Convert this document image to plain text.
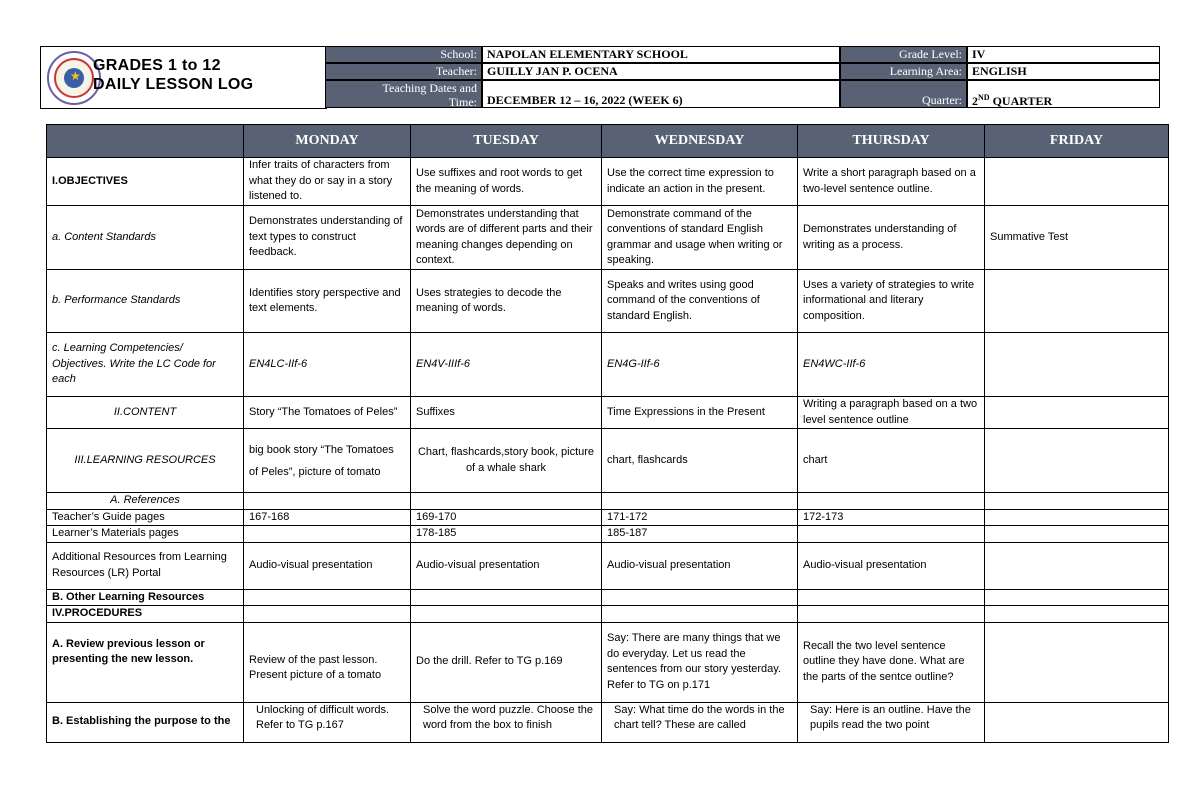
★
GRADES 1 to 12
DAILY LESSON LOG
School: NAPOLAN ELEMENTARY SCHOOL
Teacher: GUILLY JAN P. OCENA
Teaching Dates and
Time: DECEMBER 12 – 16, 2022 (WEEK 6)
Grade Level: IV
Learning Area: ENGLISH
Quarter: 2ND QUARTER
	MONDAY	TUESDAY	WEDNESDAY	THURSDAY	FRIDAY
I.OBJECTIVES	Infer traits of characters from what they do or say in a story listened to.	Use suffixes and root words to get the meaning of words.	Use the correct time expression to indicate an action in the present.	Write a short paragraph based on a two-level sentence outline.	
a. Content Standards	Demonstrates understanding of text types to construct feedback.	Demonstrates understanding that words are of different parts and their meaning changes depending on context.	Demonstrate command of the conventions of standard English grammar and usage when writing or speaking.	Demonstrates understanding of writing as a process.	Summative Test
b. Performance Standards	Identifies story perspective and text elements.	Uses strategies to decode the meaning of words.	Speaks and writes using good command of the conventions of standard English.	Uses a variety of strategies to write informational and literary composition.	
c. Learning Competencies/ Objectives. Write the LC Code for each	EN4LC-IIf-6	EN4V-IIIf-6	EN4G-IIf-6	EN4WC-IIf-6	
II.CONTENT	Story “The Tomatoes of Peles”	Suffixes	Time Expressions in the Present	Writing a paragraph based on a two level sentence outline	
III.LEARNING RESOURCES	big book story “The Tomatoes of Peles”, picture of tomato	Chart, flashcards,story book, picture of a whale shark	chart, flashcards	chart	
A. References					
Teacher’s Guide pages	167-168	169-170	171-172	172-173	
Learner’s Materials pages		178-185	185-187		
Additional Resources from Learning Resources (LR) Portal	Audio-visual presentation	Audio-visual presentation	Audio-visual presentation	Audio-visual presentation	
B. Other Learning Resources					
IV.PROCEDURES					
A. Review previous lesson or presenting the new lesson.	Review of the past lesson. Present picture of a tomato	Do the drill. Refer to TG p.169	Say: There are many things that we do everyday. Let us read the sentences from our story yesterday. Refer to TG on p.171	Recall the two level sentence outline they have done. What are the parts of the sentce outline?	
B. Establishing the purpose to the	Unlocking of difficult words. Refer to TG p.167	Solve the word puzzle. Choose the word from the box to finish	Say: What time do the words in the chart tell? These are called	Say: Here is an outline. Have the pupils read the two point	
